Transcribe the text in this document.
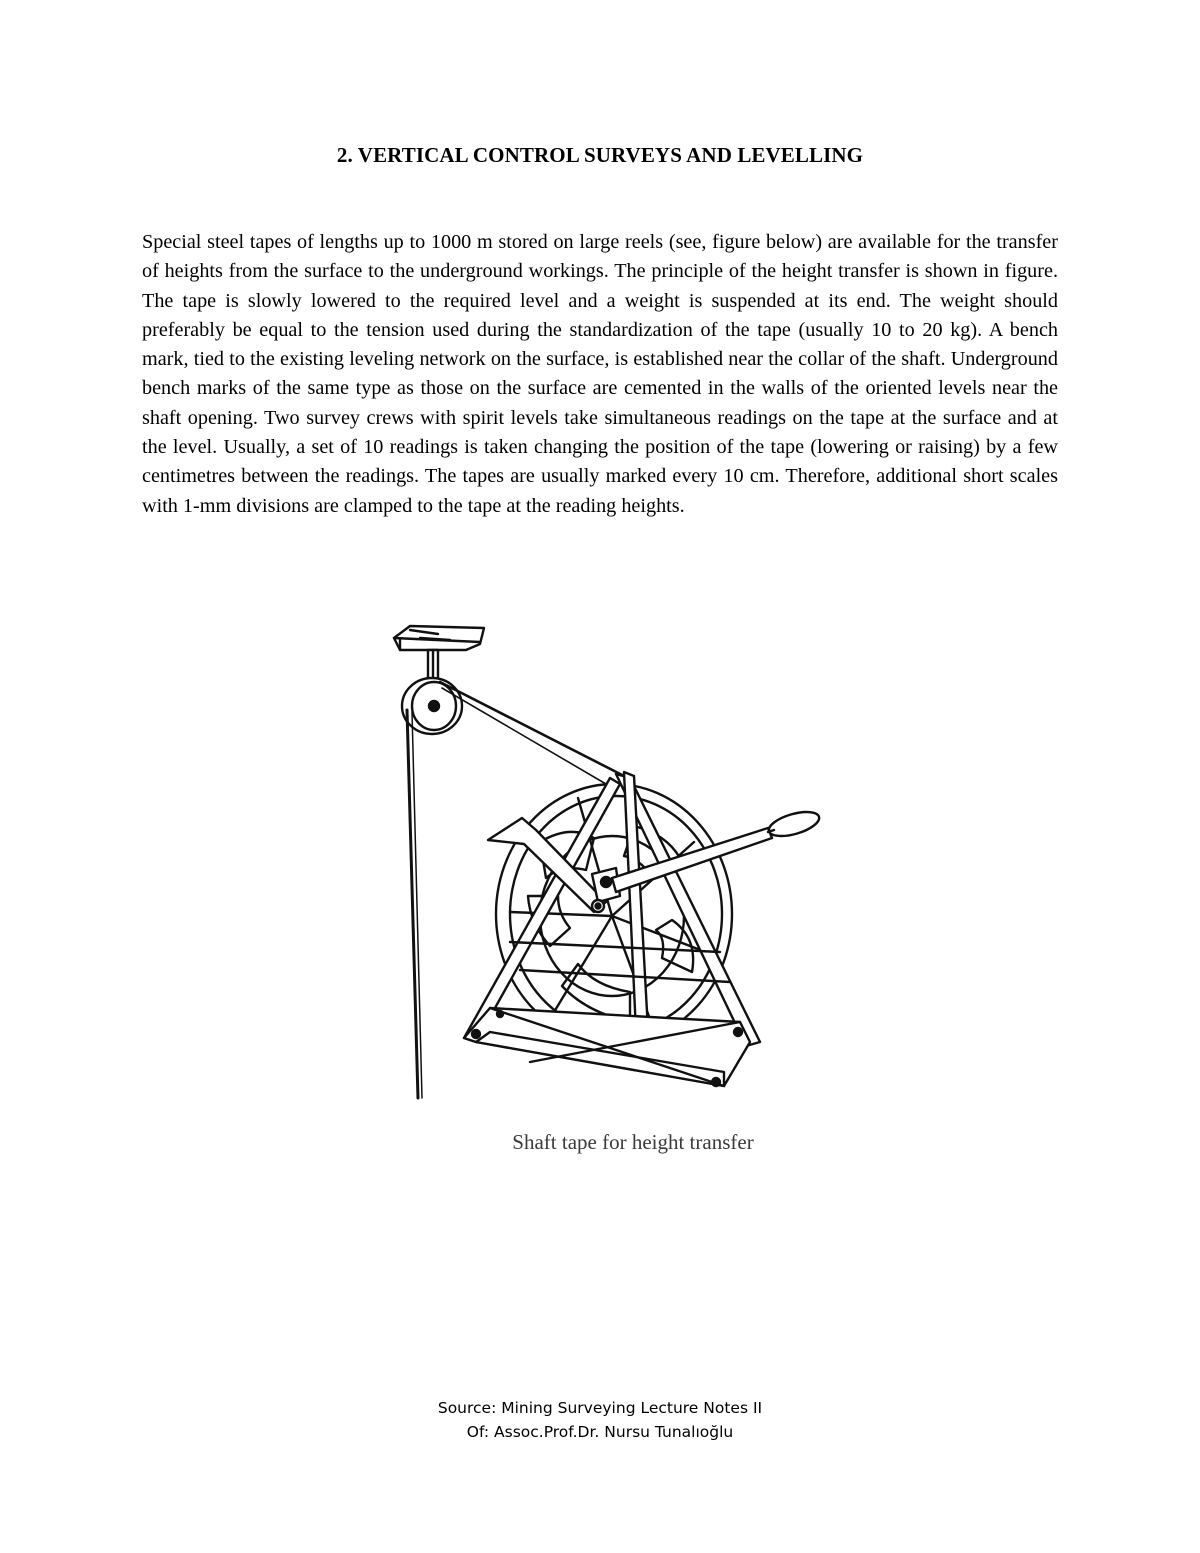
2. VERTICAL CONTROL SURVEYS AND LEVELLING

Special steel tapes of lengths up to 1000 m stored on large reels (see, figure below) are available for the transfer of heights from the surface to the underground workings. The principle of the height transfer is shown in figure. The tape is slowly lowered to the required level and a weight is suspended at its end. The weight should preferably be equal to the tension used during the standardization of the tape (usually 10 to 20 kg). A bench mark, tied to the existing leveling network on the surface, is established near the collar of the shaft. Underground bench marks of the same type as those on the surface are cemented in the walls of the oriented levels near the shaft opening. Two survey crews with spirit levels take simultaneous readings on the tape at the surface and at the level. Usually, a set of 10 readings is taken changing the position of the tape (lowering or raising) by a few centimetres between the readings. The tapes are usually marked every 10 cm. Therefore, additional short scales with 1-mm divisions are clamped to the tape at the reading heights.

Shaft tape for height transfer
Source: Mining Surveying Lecture Notes II
Of: Assoc.Prof.Dr. Nursu Tunalıoğlu
